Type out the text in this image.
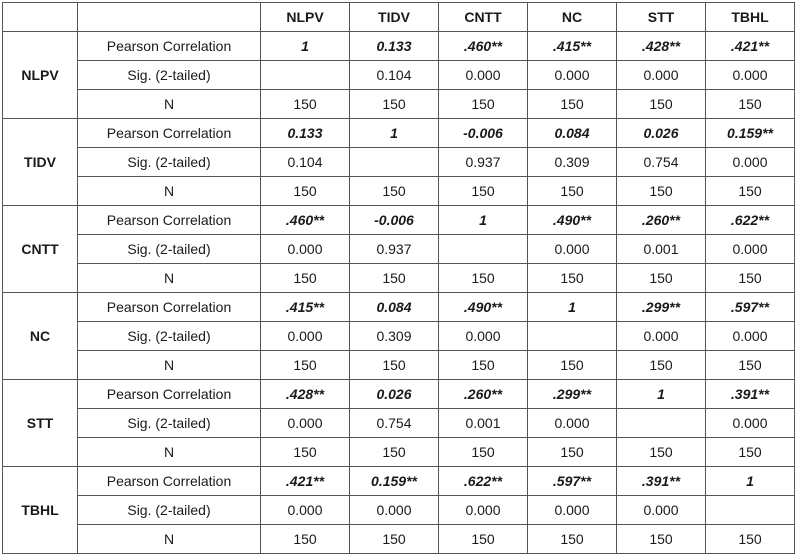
		NLPV	TIDV	CNTT	NC	STT	TBHL
NLPV	Pearson Correlation	1	0.133	.460**	.415**	.428**	.421**
	Sig. (2-tailed)		0.104	0.000	0.000	0.000	0.000
	N	150	150	150	150	150	150
TIDV	Pearson Correlation	0.133	1	-0.006	0.084	0.026	0.159**
	Sig. (2-tailed)	0.104		0.937	0.309	0.754	0.000
	N	150	150	150	150	150	150
CNTT	Pearson Correlation	.460**	-0.006	1	.490**	.260**	.622**
	Sig. (2-tailed)	0.000	0.937		0.000	0.001	0.000
	N	150	150	150	150	150	150
NC	Pearson Correlation	.415**	0.084	.490**	1	.299**	.597**
	Sig. (2-tailed)	0.000	0.309	0.000		0.000	0.000
	N	150	150	150	150	150	150
STT	Pearson Correlation	.428**	0.026	.260**	.299**	1	.391**
	Sig. (2-tailed)	0.000	0.754	0.001	0.000		0.000
	N	150	150	150	150	150	150
TBHL	Pearson Correlation	.421**	0.159**	.622**	.597**	.391**	1
	Sig. (2-tailed)	0.000	0.000	0.000	0.000	0.000	
	N	150	150	150	150	150	150
